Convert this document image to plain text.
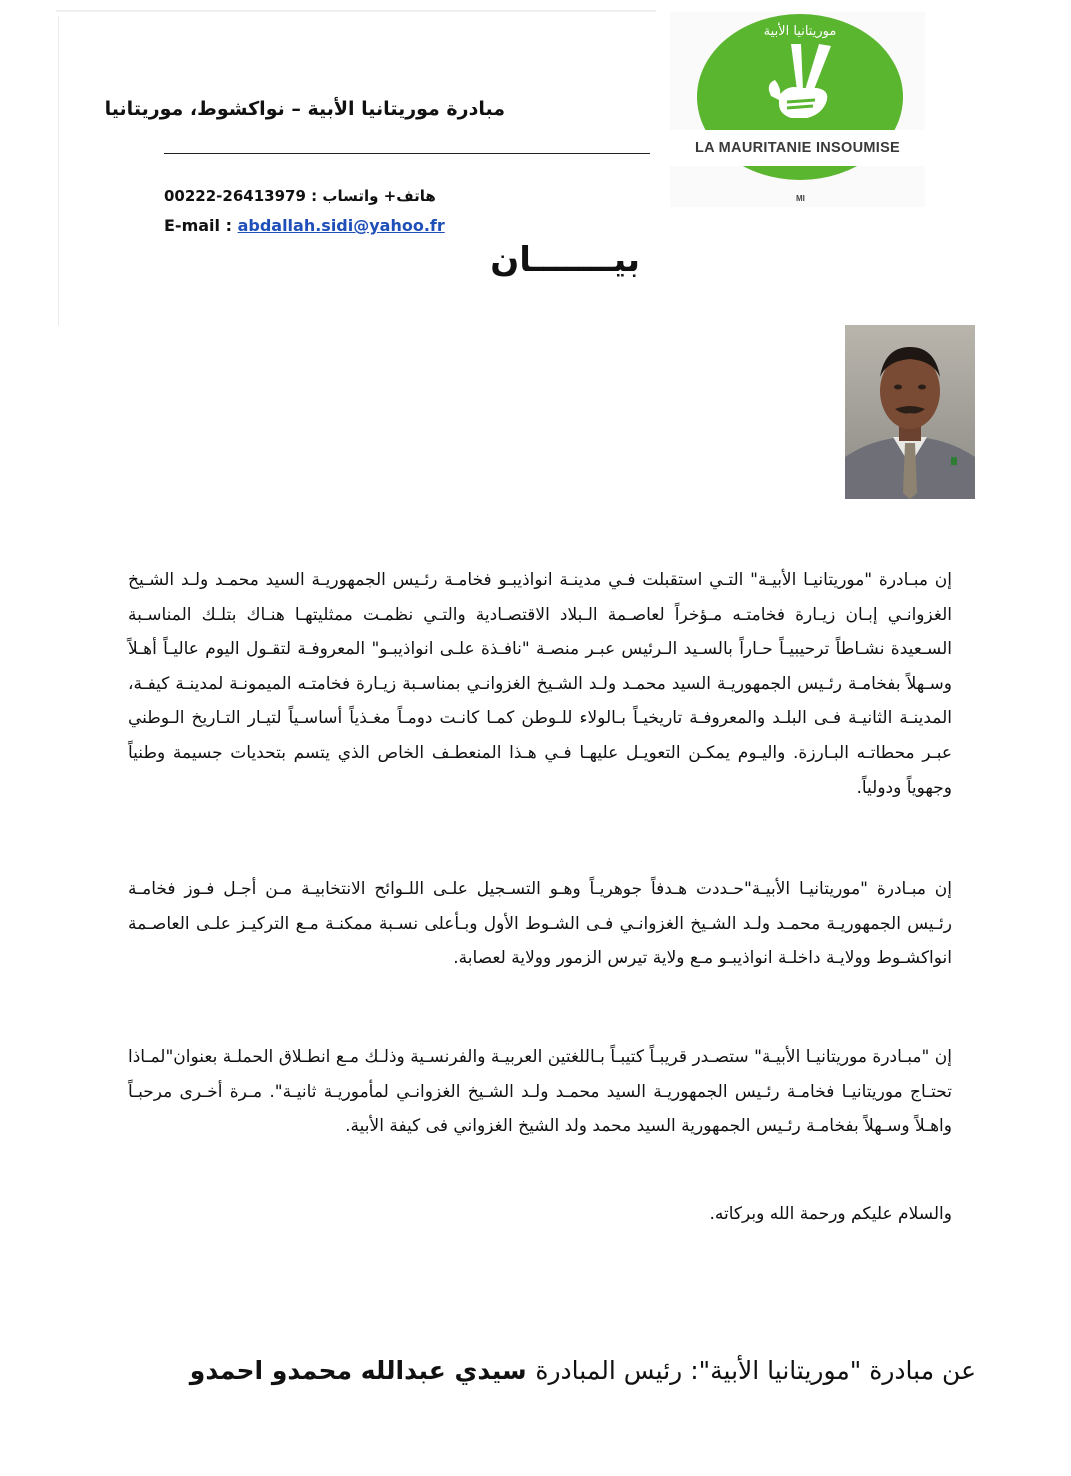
موريتانيا الأبية
LA MAURITANIE INSOUMISE
MI
مبادرة موريتانيا الأبية – نواكشوط، موريتانيا
00222-26413979 هاتف+ واتساب :
E-mail : abdallah.sidi@yahoo.fr
بيـــــــان

إن مبـادرة "موريتانيـا الأبيـة" التـي استقبلت فـي مدينـة انواذيبـو فخامـة رئـيس الجمهوريـة السيد محمـد ولـد الشـيخ الغزوانـي إبـان زيـارة فخامتـه مـؤخراً لعاصـمة الـبلاد الاقتصـادية والتـي نظمـت ممثليتهـا هنـاك بتلـك المناسـبة السـعيدة نشـاطاً ترحيبيـاً حـاراً بالسـيد الـرئيس عبـر منصـة "نافـذة علـى انواذيبـو" المعروفـة لتقـول اليوم عاليـاً أهـلاً وسـهلاً بفخامـة رئـيس الجمهوريـة السيد محمـد ولـد الشـيخ الغزوانـي بمناسـبة زيـارة فخامتـه الميمونـة لمدينـة كيفـة، المدينـة الثانيـة فـى البلـد والمعروفـة تاريخيـاً بـالولاء للـوطن كمـا كانـت دومـاً مغـذياً أساسـياً لتيـار التـاريخ الـوطني عبـر محطاتـه البـارزة. واليـوم يمكـن التعويـل عليهـا فـي هـذا المنعطـف الخاص الذي يتسم بتحديات جسيمة وطنياً وجهوياً ودولياً.

إن مبـادرة "موريتانيـا الأبيـة"حـددت هـدفاً جوهريـاً وهـو التسـجيل علـى اللـوائح الانتخابيـة مـن أجـل فـوز فخامـة رئـيس الجمهوريـة محمـد ولـد الشـيخ الغزوانـي فـى الشـوط الأول وبـأعلى نسـبة ممكنـة مـع التركيـز علـى العاصـمة انواكشـوط وولايـة داخلـة انواذيبـو مـع ولاية تيرس الزمور وولاية لعصابة.

إن "مبـادرة موريتانيـا الأبيـة" ستصـدر قريبـاً كتيبـاً بـاللغتين العربيـة والفرنسـية وذلـك مـع انطـلاق الحملـة بعنوان"لمـاذا تحتـاج موريتانيـا فخامـة رئـيس الجمهوريـة السيد محمـد ولـد الشـيخ الغزوانـي لمأموريـة ثانيـة". مـرة أخـرى مرحبـاً واهـلاً وسـهلاً بفخامـة رئـيس الجمهورية السيد محمد ولد الشيخ الغزواني فى كيفة الأبية.

والسلام عليكم ورحمة الله وبركاته.
عن مبادرة "موريتانيا الأبية": رئيس المبادرة سيدي عبدالله محمدو احمدو
